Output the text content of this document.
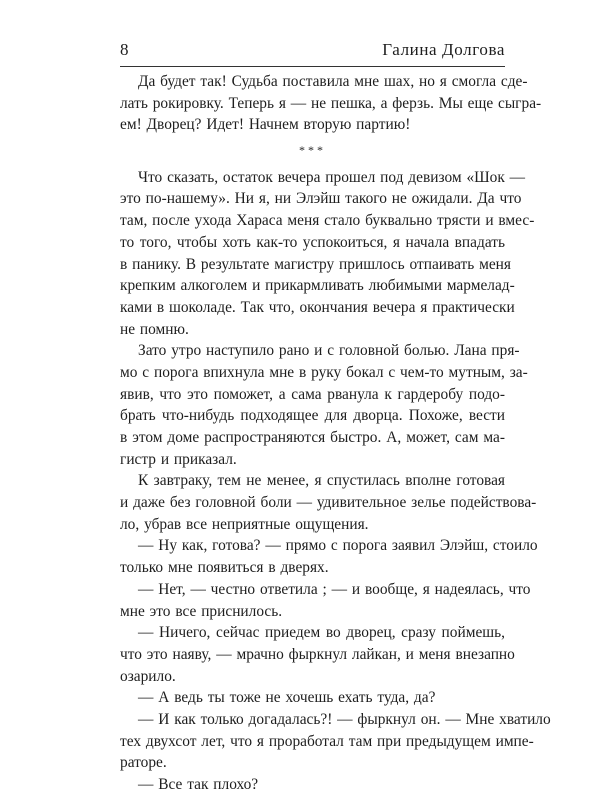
8	Галина Долгова
Да будет так! Судьба поставила мне шах, но я смогла сде-
лать рокировку. Теперь я — не пешка, а ферзь. Мы еще сыгра-
ем! Дворец? Идет! Начнем вторую партию!
***
Что сказать, остаток вечера прошел под девизом «Шок —
это по-нашему». Ни я, ни Элэйш такого не ожидали. Да что
там, после ухода Хараса меня стало буквально трясти и вмес-
то того, чтобы хоть как-то успокоиться, я начала впадать
в панику. В результате магистру пришлось отпаивать меня
крепким алкоголем и прикармливать любимыми мармелад-
ками в шоколаде. Так что, окончания вечера я практически
не помню.
Зато утро наступило рано и с головной болью. Лана пря-
мо с порога впихнула мне в руку бокал с чем-то мутным, за-
явив, что это поможет, а сама рванула к гардеробу подо-
брать что-нибудь подходящее для дворца. Похоже, вести
в этом доме распространяются быстро. А, может, сам ма-
гистр и приказал.
К завтраку, тем не менее, я спустилась вполне готовая
и даже без головной боли — удивительное зелье подействова-
ло, убрав все неприятные ощущения.
— Ну как, готова? — прямо с порога заявил Элэйш, стоило
только мне появиться в дверях.
— Нет, — честно ответила ; — и вообще, я надеялась, что
мне это все приснилось.
— Ничего, сейчас приедем во дворец, сразу поймешь,
что это наяву, — мрачно фыркнул лайкан, и меня внезапно
озарило.
— А ведь ты тоже не хочешь ехать туда, да?
— И как только догадалась?! — фыркнул он. — Мне хватило
тех двухсот лет, что я проработал там при предыдущем импе-
раторе.
— Все так плохо?
